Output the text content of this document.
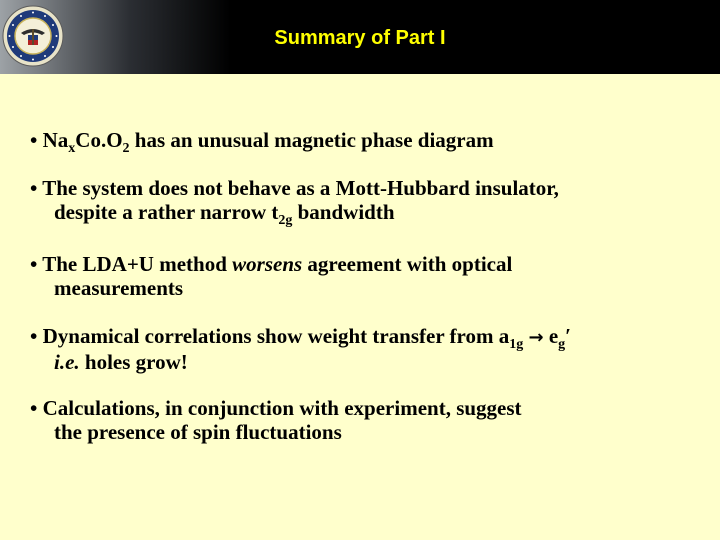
Summary of Part I
• $Na_xCo.O_2$ has an unusual magnetic phase diagram
• The system does not behave as a Mott-Hubbard insulator,
despite a rather narrow $t_{2g}$ bandwidth
• The LDA+U method worsens agreement with optical
measurements
• Dynamical correlations show weight transfer from $a_{1g} \to e_g'$
i.e. holes grow!
• Calculations, in conjunction with experiment, suggest
the presence of spin fluctuations
